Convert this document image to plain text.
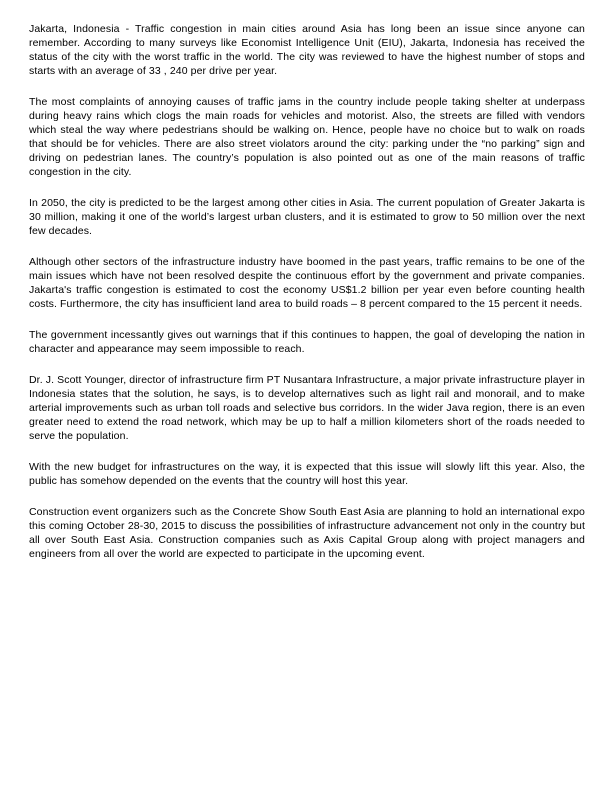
Jakarta, Indonesia - Traffic congestion in main cities around Asia has long been an issue since anyone can remember. According to many surveys like Economist Intelligence Unit (EIU), Jakarta, Indonesia has received the status of the city with the worst traffic in the world. The city was reviewed to have the highest number of stops and starts with an average of 33 , 240 per drive per year.

The most complaints of annoying causes of traffic jams in the country include people taking shelter at underpass during heavy rains which clogs the main roads for vehicles and motorist. Also, the streets are filled with vendors which steal the way where pedestrians should be walking on. Hence, people have no choice but to walk on roads that should be for vehicles. There are also street violators around the city: parking under the “no parking” sign and driving on pedestrian lanes. The country’s population is also pointed out as one of the main reasons of traffic congestion in the city.

In 2050, the city is predicted to be the largest among other cities in Asia. The current population of Greater Jakarta is 30 million, making it one of the world’s largest urban clusters, and it is estimated to grow to 50 million over the next few decades.

Although other sectors of the infrastructure industry have boomed in the past years, traffic remains to be one of the main issues which have not been resolved despite the continuous effort by the government and private companies. Jakarta's traffic congestion is estimated to cost the economy US$1.2 billion per year even before counting health costs. Furthermore, the city has insufficient land area to build roads – 8 percent compared to the 15 percent it needs.

The government incessantly gives out warnings that if this continues to happen, the goal of developing the nation in character and appearance may seem impossible to reach.

Dr. J. Scott Younger, director of infrastructure firm PT Nusantara Infrastructure, a major private infrastructure player in Indonesia states that the solution, he says, is to develop alternatives such as light rail and monorail, and to make arterial improvements such as urban toll roads and selective bus corridors. In the wider Java region, there is an even greater need to extend the road network, which may be up to half a million kilometers short of the roads needed to serve the population.

With the new budget for infrastructures on the way, it is expected that this issue will slowly lift this year. Also, the public has somehow depended on the events that the country will host this year.

Construction event organizers such as the Concrete Show South East Asia are planning to hold an international expo this coming October 28-30, 2015 to discuss the possibilities of infrastructure advancement not only in the country but all over South East Asia. Construction companies such as Axis Capital Group along with project managers and engineers from all over the world are expected to participate in the upcoming event.
